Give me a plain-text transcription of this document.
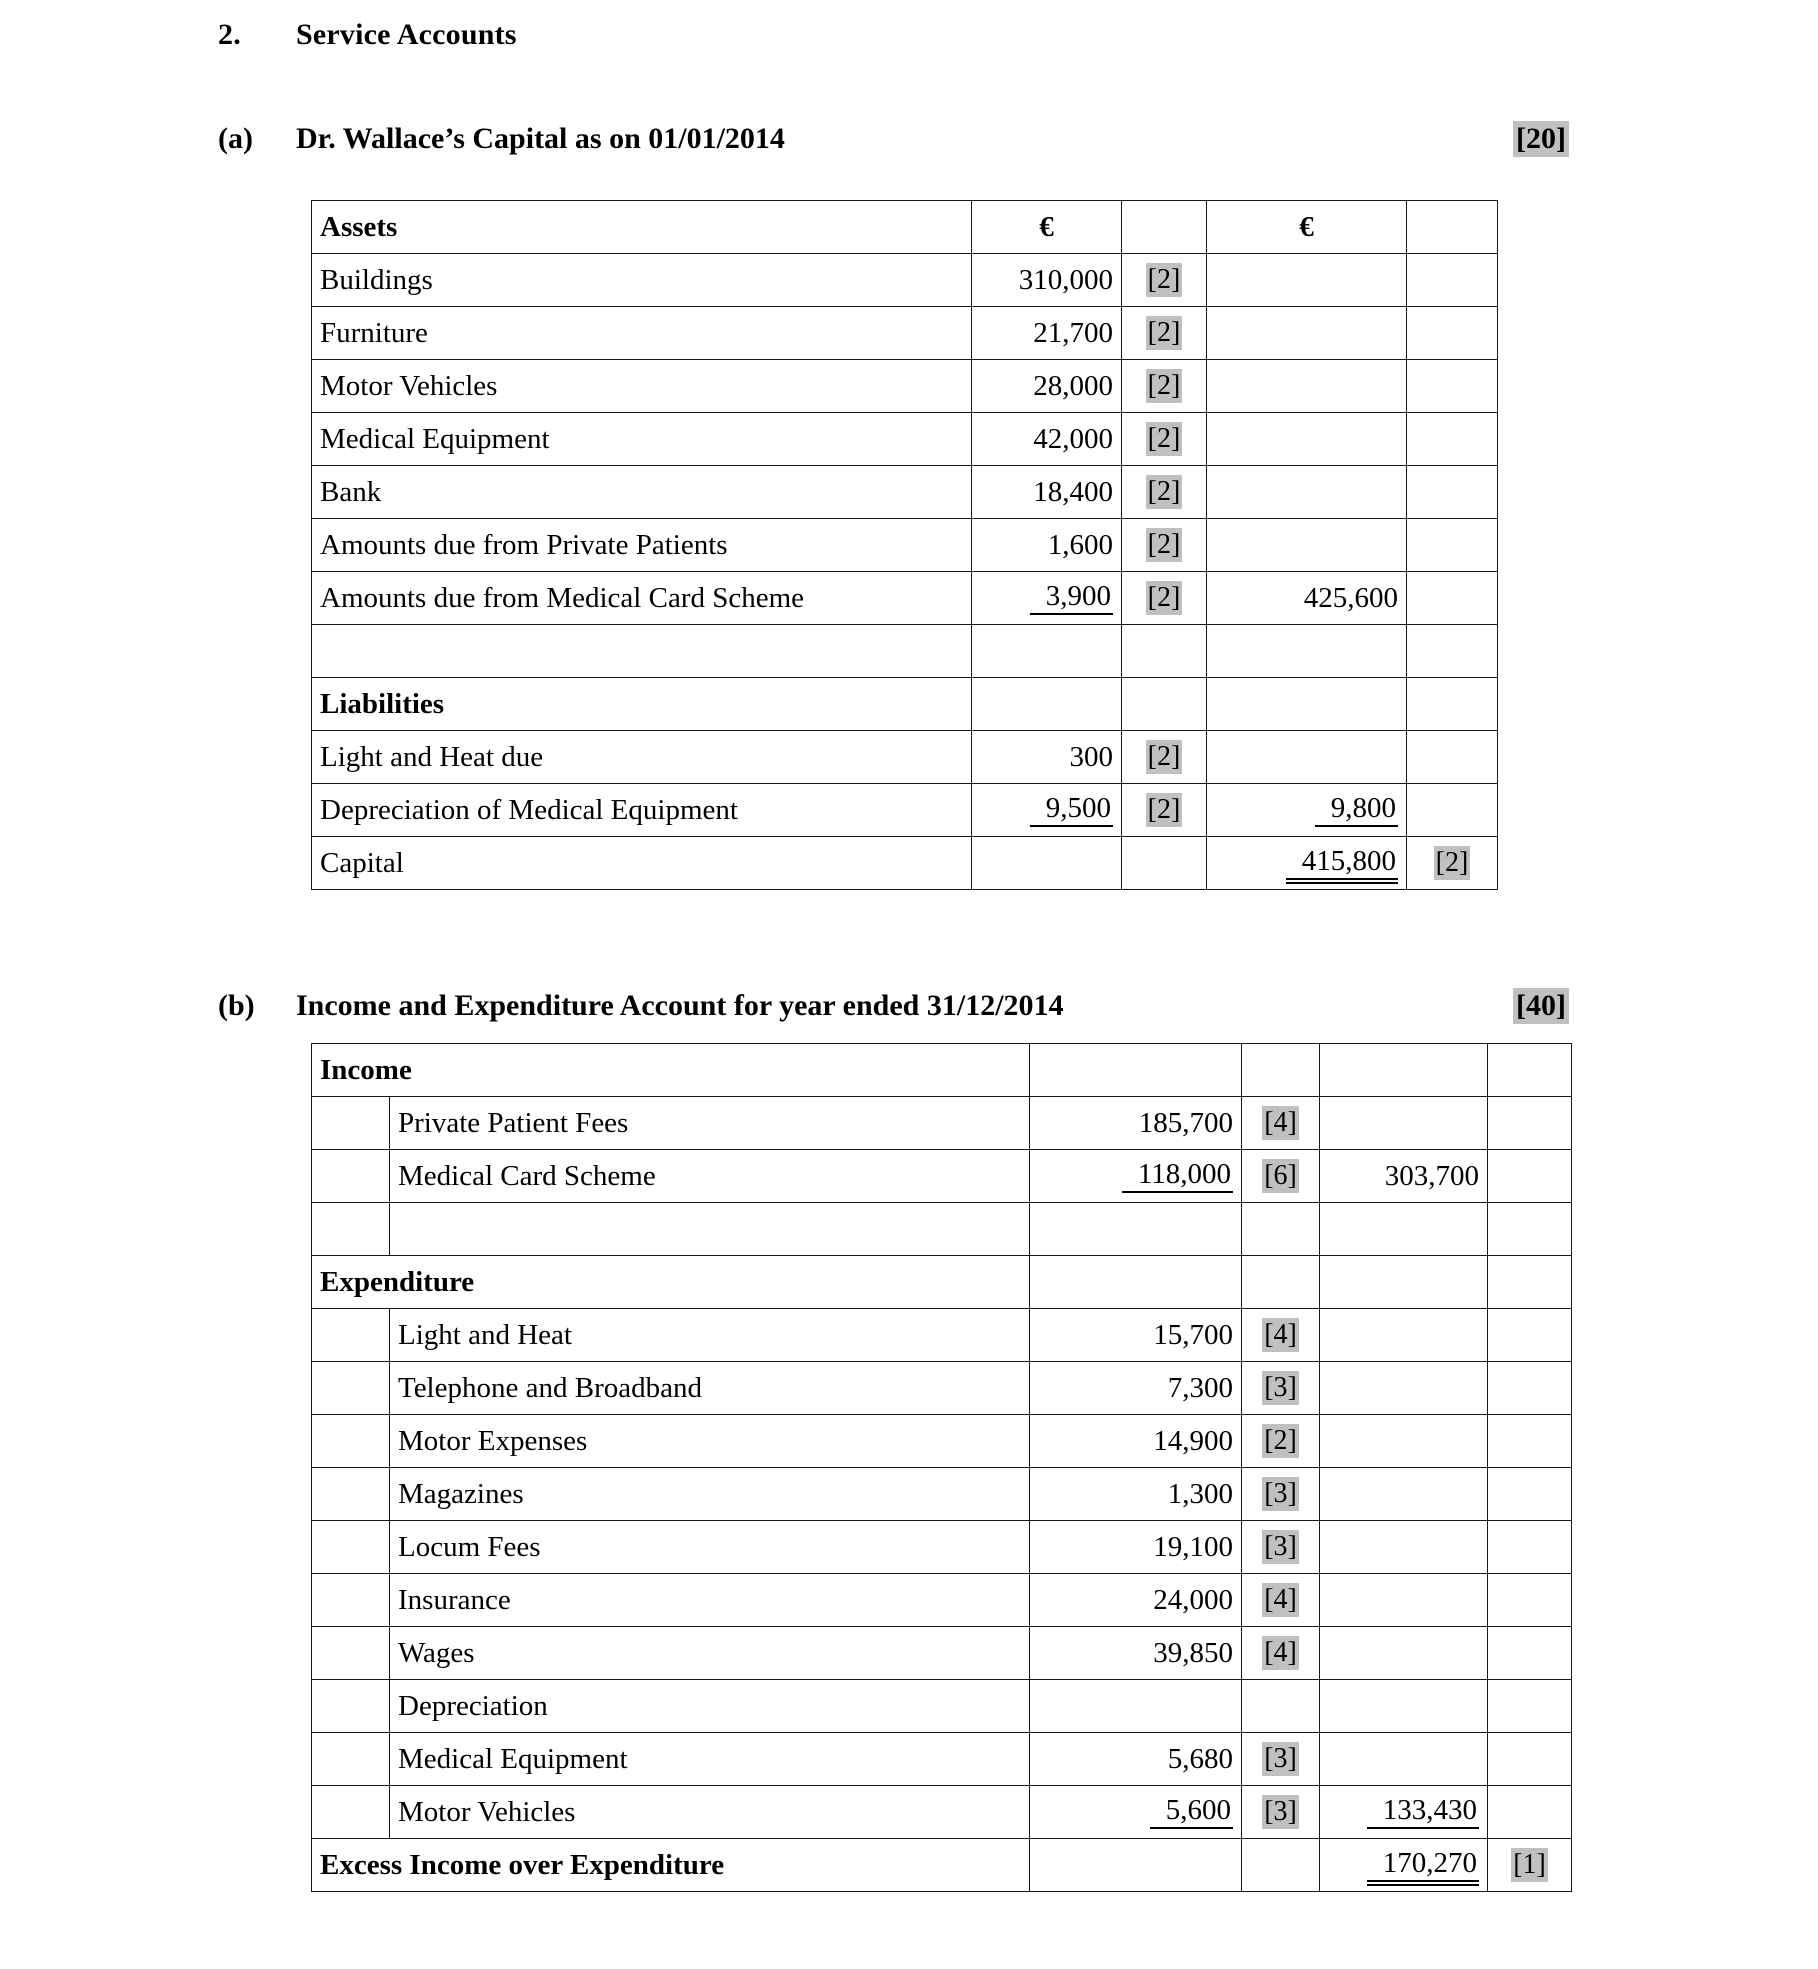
2. Service Accounts
(a) Dr. Wallace’s Capital as on 01/01/2014	[20]
Assets	€		€	
Buildings	310,000	[2]		
Furniture	21,700	[2]		
Motor Vehicles	28,000	[2]		
Medical Equipment	42,000	[2]		
Bank	18,400	[2]		
Amounts due from Private Patients	1,600	[2]		
Amounts due from Medical Card Scheme	3,900	[2]	425,600	

Liabilities				
Light and Heat due	300	[2]		
Depreciation of Medical Equipment	9,500	[2]	9,800	
Capital			415,800	[2]
(b) Income and Expenditure Account for year ended 31/12/2014	[40]
Income					
	Private Patient Fees	185,700	[4]		
	Medical Card Scheme	118,000	[6]	303,700	

Expenditure					
	Light and Heat	15,700	[4]		
	Telephone and Broadband	7,300	[3]		
	Motor Expenses	14,900	[2]		
	Magazines	1,300	[3]		
	Locum Fees	19,100	[3]		
	Insurance	24,000	[4]		
	Wages	39,850	[4]		
	Depreciation				
	Medical Equipment	5,680	[3]		
	Motor Vehicles	5,600	[3]	133,430	
Excess Income over Expenditure				170,270	[1]
